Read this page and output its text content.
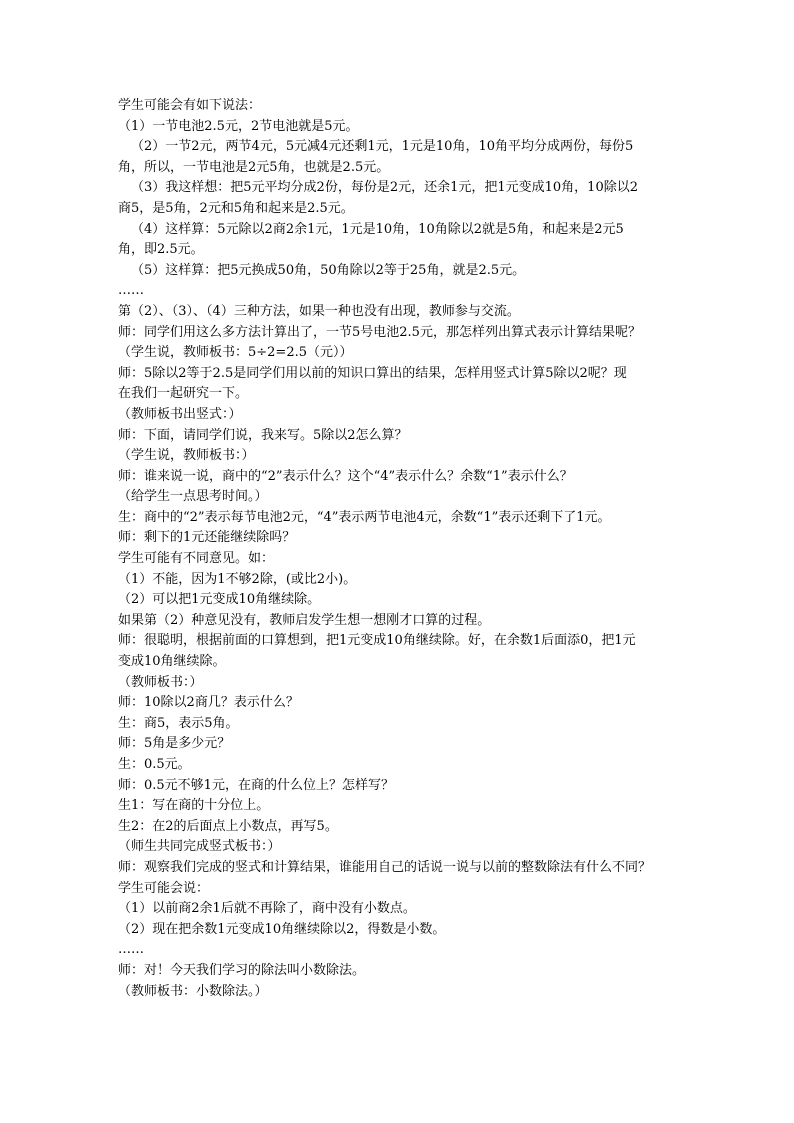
学生可能会有如下说法：

（1）一节电池2.5元，2节电池就是5元。

（2）一节2元，两节4元，5元减4元还剩1元，1元是10角，10角平均分成两份，每份5

角，所以，一节电池是2元5角，也就是2.5元。

（3）我这样想：把5元平均分成2份，每份是2元，还余1元，把1元变成10角，10除以2

商5，是5角，2元和5角和起来是2.5元。

（4）这样算：5元除以2商2余1元，1元是10角，10角除以2就是5角，和起来是2元5

角，即2.5元。

（5）这样算：把5元换成50角，50角除以2等于25角，就是2.5元。

……

第（2）、（3）、（4）三种方法，如果一种也没有出现，教师参与交流。

师：同学们用这么多方法计算出了，一节5号电池2.5元，那怎样列出算式表示计算结果呢？

（学生说，教师板书：5÷2=2.5（元））

师：5除以2等于2.5是同学们用以前的知识口算出的结果，怎样用竖式计算5除以2呢？现

在我们一起研究一下。

（教师板书出竖式：）

师：下面，请同学们说，我来写。5除以2怎么算？

（学生说，教师板书：）

师：谁来说一说，商中的“2”表示什么？这个“4”表示什么？余数“1”表示什么？

（给学生一点思考时间。）

生：商中的“2”表示每节电池2元，“4”表示两节电池4元，余数“1”表示还剩下了1元。

师：剩下的1元还能继续除吗？

学生可能有不同意见。如：

（1）不能，因为1不够2除，(或比2小)。

（2）可以把1元变成10角继续除。

如果第（2）种意见没有，教师启发学生想一想刚才口算的过程。

师：很聪明，根据前面的口算想到，把1元变成10角继续除。好，在余数1后面添0，把1元

变成10角继续除。

（教师板书：）

师：10除以2商几？表示什么？

生：商5，表示5角。

师：5角是多少元？

生：0.5元。

师：0.5元不够1元，在商的什么位上？怎样写？

生1：写在商的十分位上。

生2：在2的后面点上小数点，再写5。

（师生共同完成竖式板书：）

师：观察我们完成的竖式和计算结果，谁能用自己的话说一说与以前的整数除法有什么不同？

学生可能会说：

（1）以前商2余1后就不再除了，商中没有小数点。

（2）现在把余数1元变成10角继续除以2，得数是小数。

……

师：对！今天我们学习的除法叫小数除法。

（教师板书：小数除法。）
